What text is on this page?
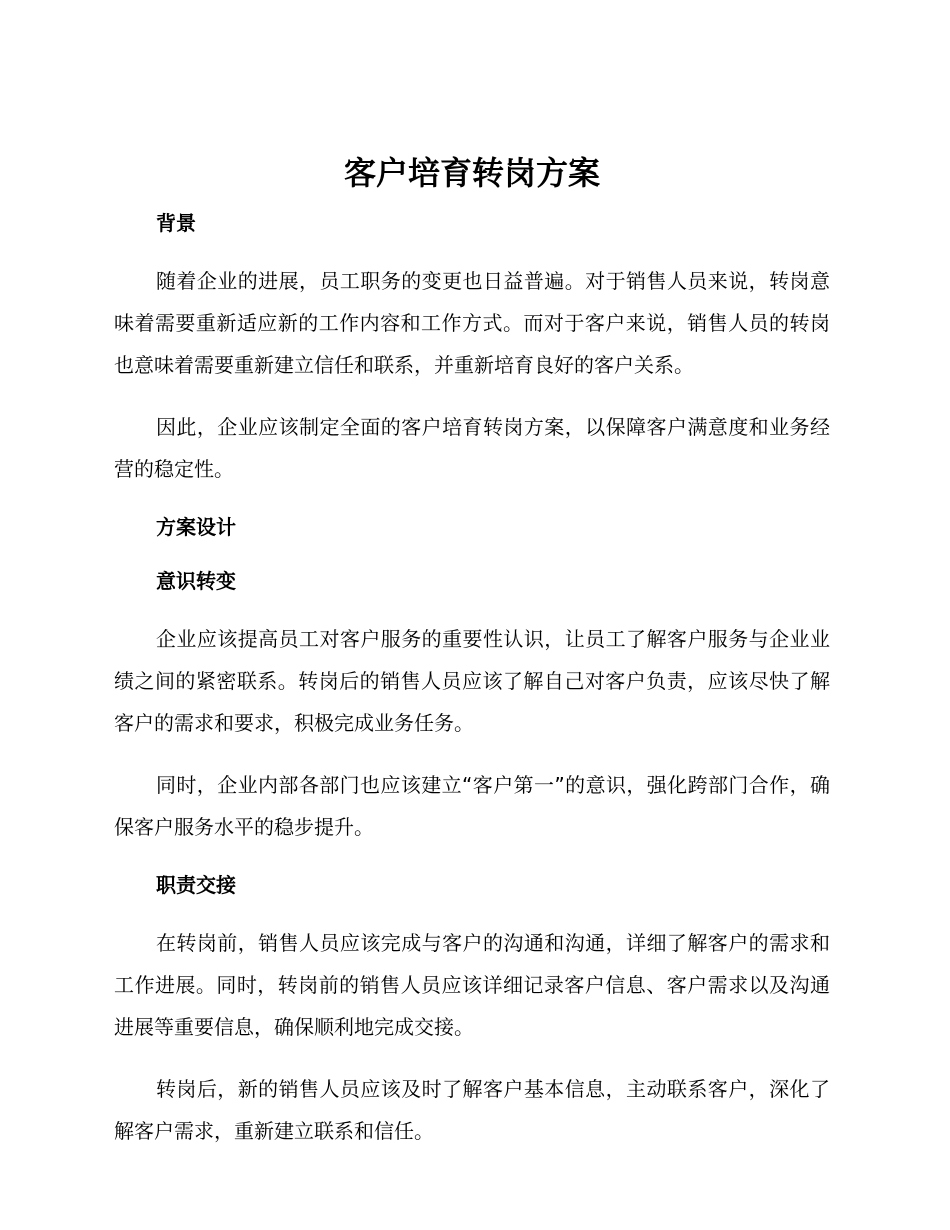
客户培育转岗方案
背景

随着企业的进展，员工职务的变更也日益普遍。对于销售人员来说，转岗意味着需要重新适应新的工作内容和工作方式。而对于客户来说，销售人员的转岗也意味着需要重新建立信任和联系，并重新培育良好的客户关系。

因此，企业应该制定全面的客户培育转岗方案，以保障客户满意度和业务经营的稳定性。

方案设计
意识转变

企业应该提高员工对客户服务的重要性认识，让员工了解客户服务与企业业绩之间的紧密联系。转岗后的销售人员应该了解自己对客户负责，应该尽快了解客户的需求和要求，积极完成业务任务。

同时，企业内部各部门也应该建立“客户第一”的意识，强化跨部门合作，确保客户服务水平的稳步提升。

职责交接

在转岗前，销售人员应该完成与客户的沟通和沟通，详细了解客户的需求和工作进展。同时，转岗前的销售人员应该详细记录客户信息、客户需求以及沟通进展等重要信息，确保顺利地完成交接。

转岗后，新的销售人员应该及时了解客户基本信息，主动联系客户，深化了解客户需求，重新建立联系和信任。
